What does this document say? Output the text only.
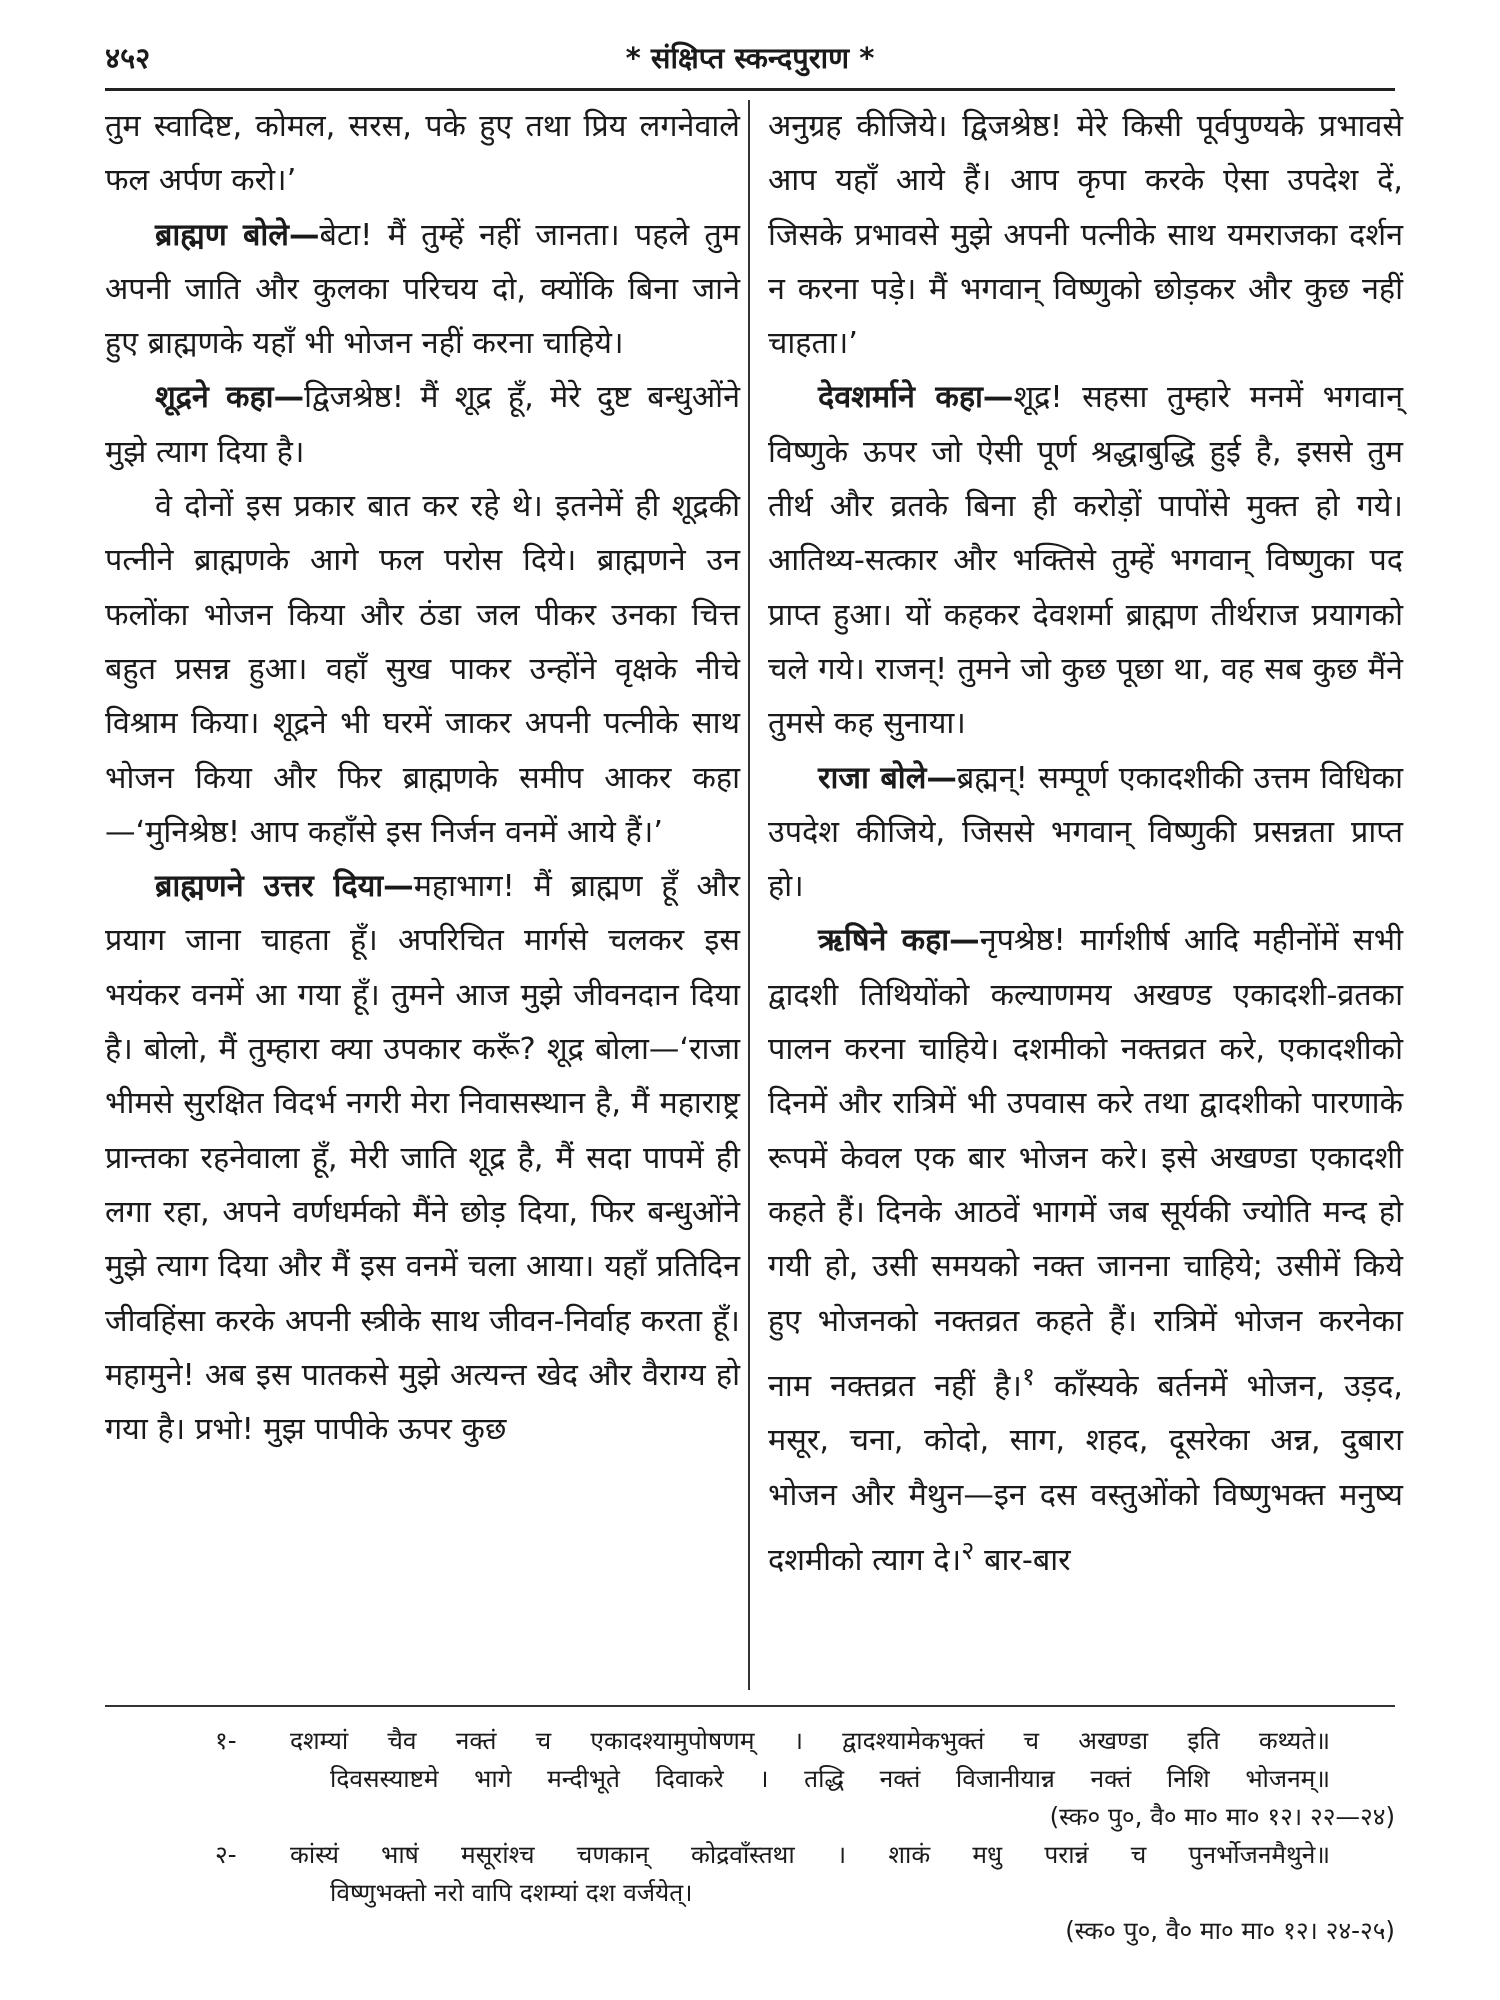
४५२	* संक्षिप्त स्कन्दपुराण *

तुम स्वादिष्ट, कोमल, सरस, पके हुए तथा प्रिय लगनेवाले फल अर्पण करो।’

ब्राह्मण बोले—बेटा! मैं तुम्हें नहीं जानता। पहले तुम अपनी जाति और कुलका परिचय दो, क्योंकि बिना जाने हुए ब्राह्मणके यहाँ भी भोजन नहीं करना चाहिये।

शूद्रने कहा—द्विजश्रेष्ठ! मैं शूद्र हूँ, मेरे दुष्ट बन्धुओंने मुझे त्याग दिया है।

वे दोनों इस प्रकार बात कर रहे थे। इतनेमें ही शूद्रकी पत्नीने ब्राह्मणके आगे फल परोस दिये। ब्राह्मणने उन फलोंका भोजन किया और ठंडा जल पीकर उनका चित्त बहुत प्रसन्न हुआ। वहाँ सुख पाकर उन्होंने वृक्षके नीचे विश्राम किया। शूद्रने भी घरमें जाकर अपनी पत्नीके साथ भोजन किया और फिर ब्राह्मणके समीप आकर कहा—‘मुनिश्रेष्ठ! आप कहाँसे इस निर्जन वनमें आये हैं।’

ब्राह्मणने उत्तर दिया—महाभाग! मैं ब्राह्मण हूँ और प्रयाग जाना चाहता हूँ। अपरिचित मार्गसे चलकर इस भयंकर वनमें आ गया हूँ। तुमने आज मुझे जीवनदान दिया है। बोलो, मैं तुम्हारा क्या उपकार करूँ? शूद्र बोला—‘राजा भीमसे सुरक्षित विदर्भ नगरी मेरा निवासस्थान है, मैं महाराष्ट्र प्रान्तका रहनेवाला हूँ, मेरी जाति शूद्र है, मैं सदा पापमें ही लगा रहा, अपने वर्णधर्मको मैंने छोड़ दिया, फिर बन्धुओंने मुझे त्याग दिया और मैं इस वनमें चला आया। यहाँ प्रतिदिन जीवहिंसा करके अपनी स्त्रीके साथ जीवन-निर्वाह करता हूँ। महामुने! अब इस पातकसे मुझे अत्यन्त खेद और वैराग्य हो गया है। प्रभो! मुझ पापीके ऊपर कुछ

अनुग्रह कीजिये। द्विजश्रेष्ठ! मेरे किसी पूर्वपुण्यके प्रभावसे आप यहाँ आये हैं। आप कृपा करके ऐसा उपदेश दें, जिसके प्रभावसे मुझे अपनी पत्नीके साथ यमराजका दर्शन न करना पड़े। मैं भगवान् विष्णुको छोड़कर और कुछ नहीं चाहता।’

देवशर्माने कहा—शूद्र! सहसा तुम्हारे मनमें भगवान् विष्णुके ऊपर जो ऐसी पूर्ण श्रद्धाबुद्धि हुई है, इससे तुम तीर्थ और व्रतके बिना ही करोड़ों पापोंसे मुक्त हो गये। आतिथ्य-सत्कार और भक्तिसे तुम्हें भगवान् विष्णुका पद प्राप्त हुआ। यों कहकर देवशर्मा ब्राह्मण तीर्थराज प्रयागको चले गये। राजन्! तुमने जो कुछ पूछा था, वह सब कुछ मैंने तुमसे कह सुनाया।

राजा बोले—ब्रह्मन्! सम्पूर्ण एकादशीकी उत्तम विधिका उपदेश कीजिये, जिससे भगवान् विष्णुकी प्रसन्नता प्राप्त हो।

ऋषिने कहा—नृपश्रेष्ठ! मार्गशीर्ष आदि महीनोंमें सभी द्वादशी तिथियोंको कल्याणमय अखण्ड एकादशी-व्रतका पालन करना चाहिये। दशमीको नक्तव्रत करे, एकादशीको दिनमें और रात्रिमें भी उपवास करे तथा द्वादशीको पारणाके रूपमें केवल एक बार भोजन करे। इसे अखण्डा एकादशी कहते हैं। दिनके आठवें भागमें जब सूर्यकी ज्योति मन्द हो गयी हो, उसी समयको नक्त जानना चाहिये; उसीमें किये हुए भोजनको नक्तव्रत कहते हैं। रात्रिमें भोजन करनेका नाम नक्तव्रत नहीं है।$^१$ काँस्यके बर्तनमें भोजन, उड़द, मसूर, चना, कोदो, साग, शहद, दूसरेका अन्न, दुबारा भोजन और मैथुन—इन दस वस्तुओंको विष्णुभक्त मनुष्य दशमीको त्याग दे।$^२$ बार-बार

१- दशम्यां चैव नक्तं च एकादश्यामुपोषणम् । द्वादश्यामेकभुक्तं च अखण्डा इति कथ्यते॥
दिवसस्याष्टमे भागे मन्दीभूते दिवाकरे । तद्धि नक्तं विजानीयान्न नक्तं निशि भोजनम्॥
(स्क० पु०, वै० मा० मा० १२। २२—२४)
२- कांस्यं भाषं मसूरांश्च चणकान् कोद्रवाँस्तथा । शाकं मधु परान्नं च पुनर्भोजनमैथुने॥
विष्णुभक्तो नरो वापि दशम्यां दश वर्जयेत्।
(स्क० पु०, वै० मा० मा० १२। २४-२५)
